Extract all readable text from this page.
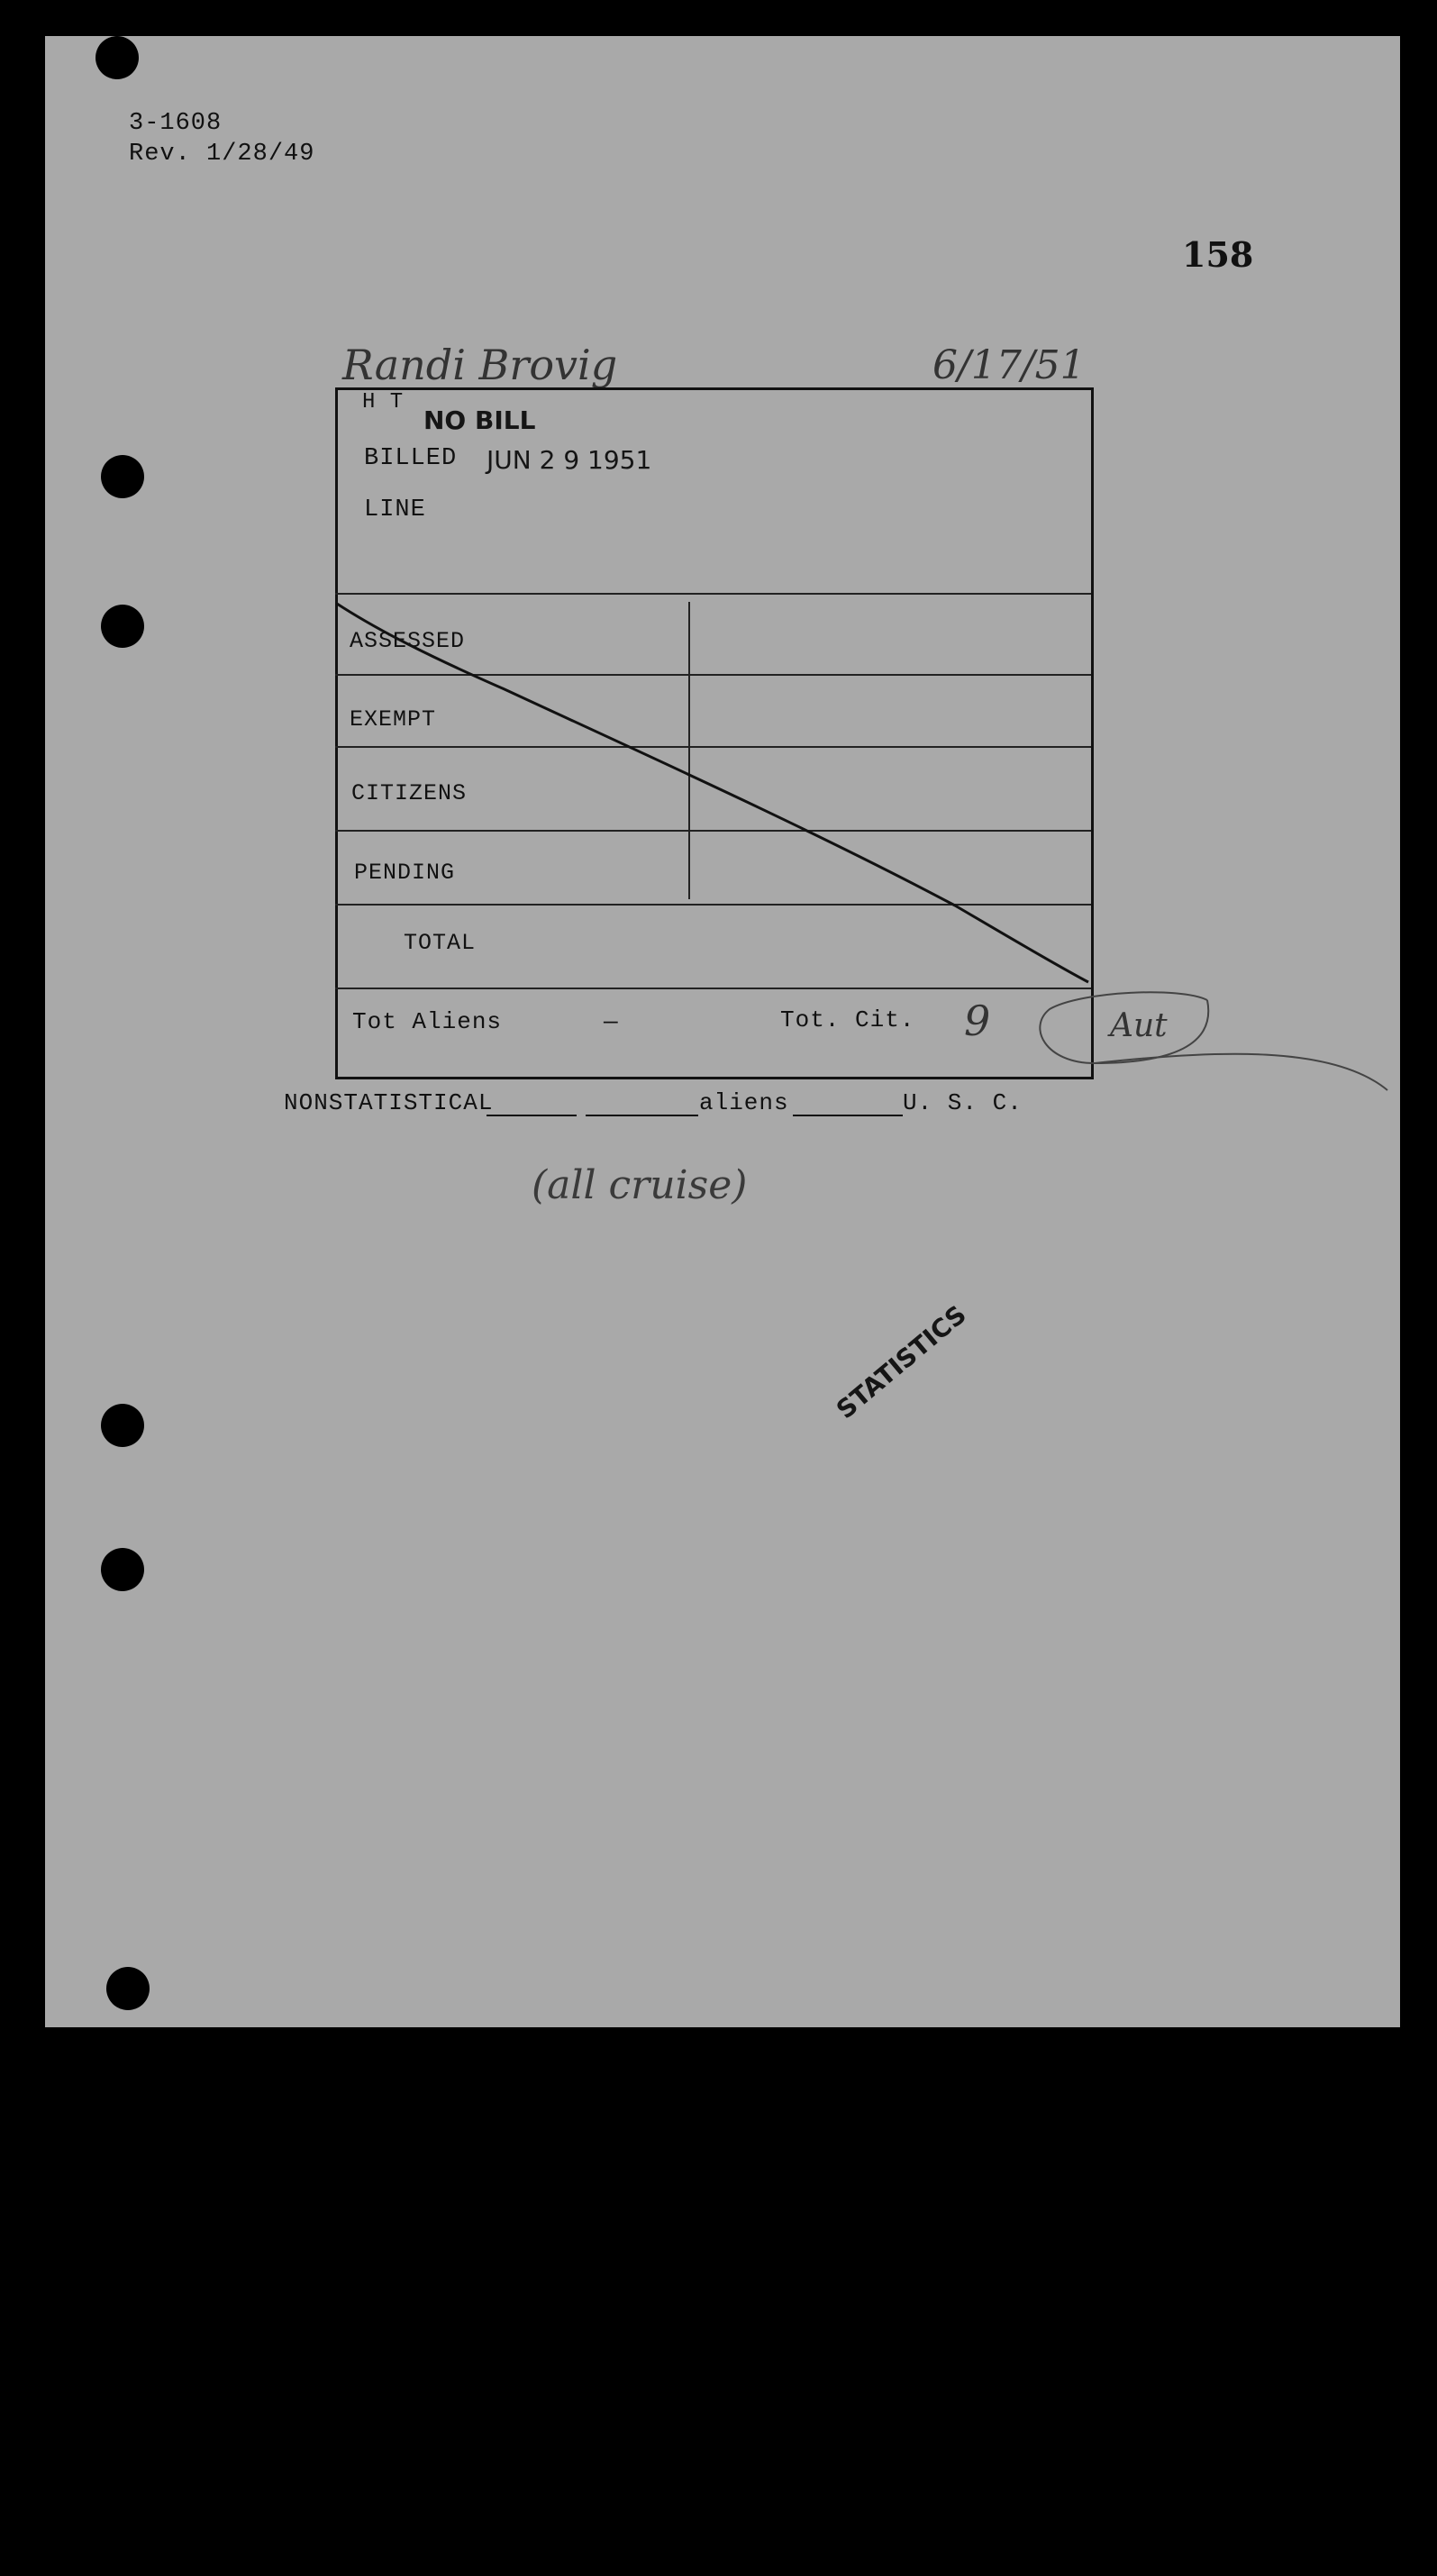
3-1608
Rev. 1/28/49
158
Randi Brovig	6/17/51
H T
NO BILL
BILLED JUN 2 9 1951
LINE
ASSESSED
EXEMPT
CITIZENS
PENDING
TOTAL
Tot Aliens	—	Tot. Cit. 9	Aut
NONSTATISTICAL	aliens	U. S. C.
(all cruise)
STATISTICS
